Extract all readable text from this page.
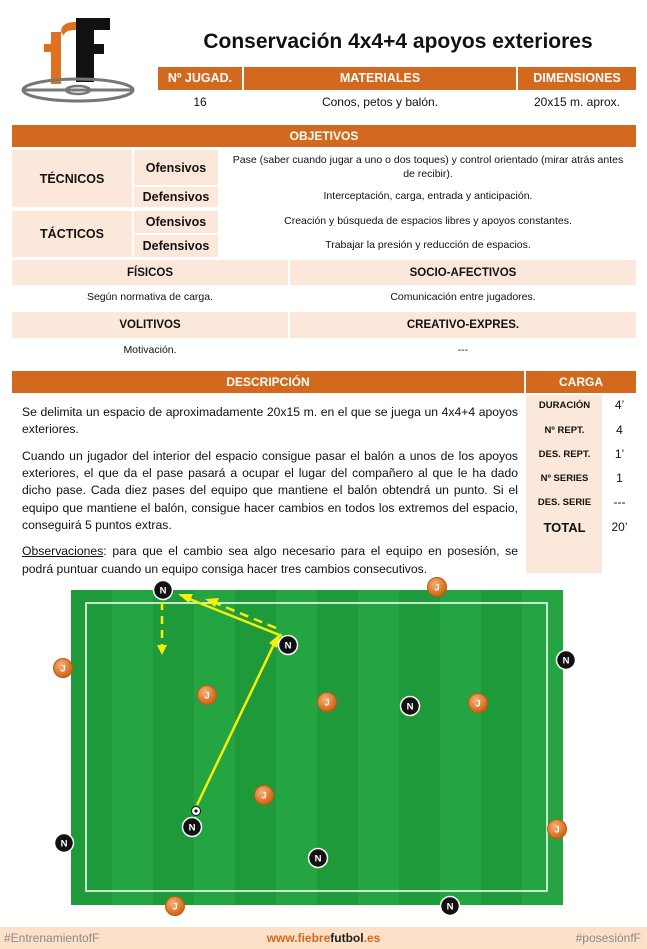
Conservación 4x4+4 apoyos exteriores
Nº JUGAD.	MATERIALES	DIMENSIONES
16	Conos, petos y balón.	20x15 m. aprox.
OBJETIVOS
TÉCNICOS
Ofensivos
Pase (saber cuando jugar a uno o dos toques) y control orientado (mirar atrás antes de recibir).
Defensivos	Interceptación, carga, entrada y anticipación.
TÁCTICOS
Ofensivos	Creación y búsqueda de espacios libres y apoyos constantes.
Defensivos	Trabajar la presión y reducción de espacios.
FÍSICOS	SOCIO-AFECTIVOS
Según normativa de carga.	Comunicación entre jugadores.
VOLITIVOS	CREATIVO-EXPRES.
Motivación.	---
DESCRIPCIÓN	CARGA

Se delimita un espacio de aproximadamente 20x15 m. en el que se juega un 4x4+4 apoyos exteriores.

Cuando un jugador del interior del espacio consigue pasar el balón a unos de los apoyos exteriores, el que da el pase pasará a ocupar el lugar del compañero al que le ha dado dicho pase. Cada diez pases del equipo que mantiene el balón obtendrá un punto. Si el equipo que mantiene el balón, consigue hacer cambios en todos los extremos del espacio, conseguirá 5 puntos extras.

Observaciones: para que el cambio sea algo necesario para el equipo en posesión, se podrá puntuar cuando un equipo consiga hacer tres cambios consecutivos.

DURACIÓN	4’
Nº REPT.	4
DES. REPT.	1’
Nº SERIES	1
DES. SERIE	---
TOTAL	20’
N	J
N
J
N
J
J	N	J
J
N	J
N
N
J	N
#EntrenamientofF	www.fiebrefutbol.es	#posesiónfF
